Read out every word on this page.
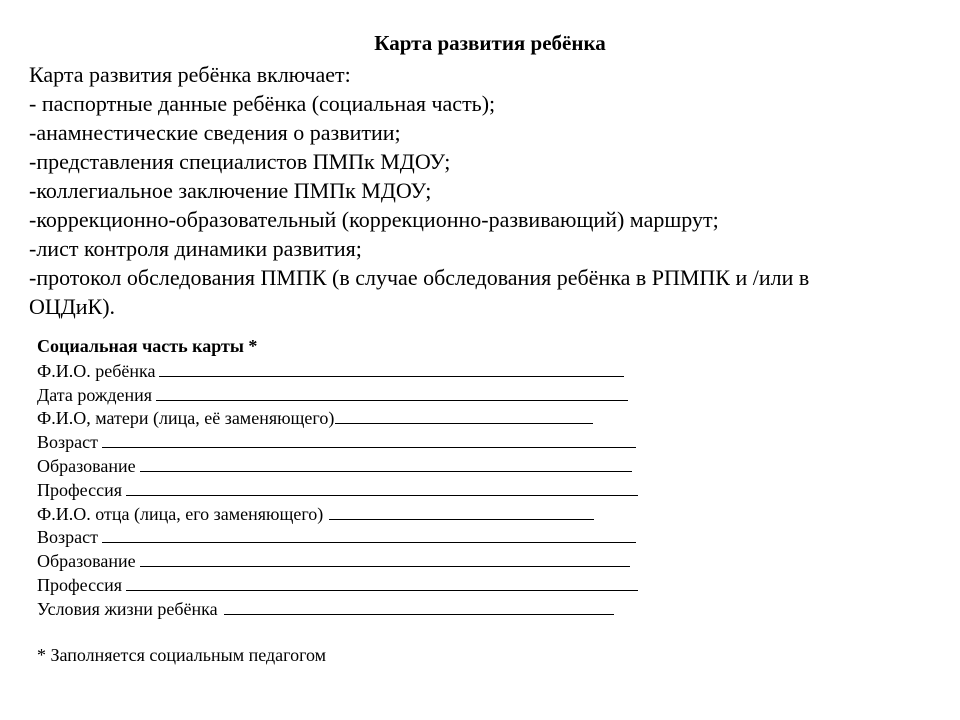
Карта развития ребёнка
Карта развития ребёнка включает:
- паспортные данные ребёнка (социальная часть);
-анамнестические сведения о развитии;
-представления специалистов ПМПк МДОУ;
-коллегиальное заключение ПМПк МДОУ;
-коррекционно-образовательный (коррекционно-развивающий) маршрут;
-лист контроля динамики развития;
-протокол обследования ПМПК (в случае обследования ребёнка в РПМПК и /или в
ОЦДиК).
Социальная часть карты *
Ф.И.О. ребёнка
Дата рождения
Ф.И.О, матери (лица, её заменяющего)
Возраст
Образование
Профессия
Ф.И.О. отца (лица, его заменяющего)
Возраст
Образование
Профессия
Условия жизни ребёнка
* Заполняется социальным педагогом
